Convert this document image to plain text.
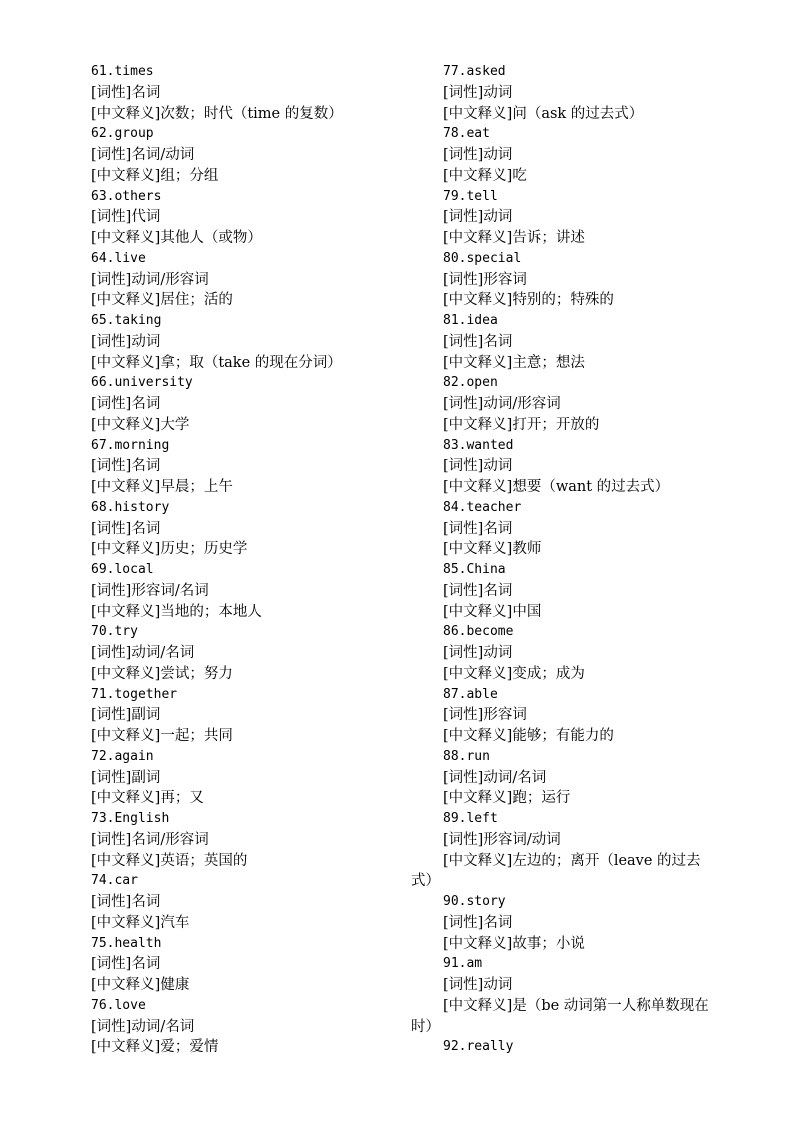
61.times
[词性]名词
[中文释义]次数；时代（time 的复数）
62.group
[词性]名词/动词
[中文释义]组；分组
63.others
[词性]代词
[中文释义]其他人（或物）
64.live
[词性]动词/形容词
[中文释义]居住；活的
65.taking
[词性]动词
[中文释义]拿；取（take 的现在分词）
66.university
[词性]名词
[中文释义]大学
67.morning
[词性]名词
[中文释义]早晨；上午
68.history
[词性]名词
[中文释义]历史；历史学
69.local
[词性]形容词/名词
[中文释义]当地的；本地人
70.try
[词性]动词/名词
[中文释义]尝试；努力
71.together
[词性]副词
[中文释义]一起；共同
72.again
[词性]副词
[中文释义]再；又
73.English
[词性]名词/形容词
[中文释义]英语；英国的
74.car
[词性]名词
[中文释义]汽车
75.health
[词性]名词
[中文释义]健康
76.love
[词性]动词/名词
[中文释义]爱；爱情
77.asked
[词性]动词
[中文释义]问（ask 的过去式）
78.eat
[词性]动词
[中文释义]吃
79.tell
[词性]动词
[中文释义]告诉；讲述
80.special
[词性]形容词
[中文释义]特别的；特殊的
81.idea
[词性]名词
[中文释义]主意；想法
82.open
[词性]动词/形容词
[中文释义]打开；开放的
83.wanted
[词性]动词
[中文释义]想要（want 的过去式）
84.teacher
[词性]名词
[中文释义]教师
85.China
[词性]名词
[中文释义]中国
86.become
[词性]动词
[中文释义]变成；成为
87.able
[词性]形容词
[中文释义]能够；有能力的
88.run
[词性]动词/名词
[中文释义]跑；运行
89.left
[词性]形容词/动词
[中文释义]左边的；离开（leave 的过去
式）
90.story
[词性]名词
[中文释义]故事；小说
91.am
[词性]动词
[中文释义]是（be 动词第一人称单数现在
时）
92.really
